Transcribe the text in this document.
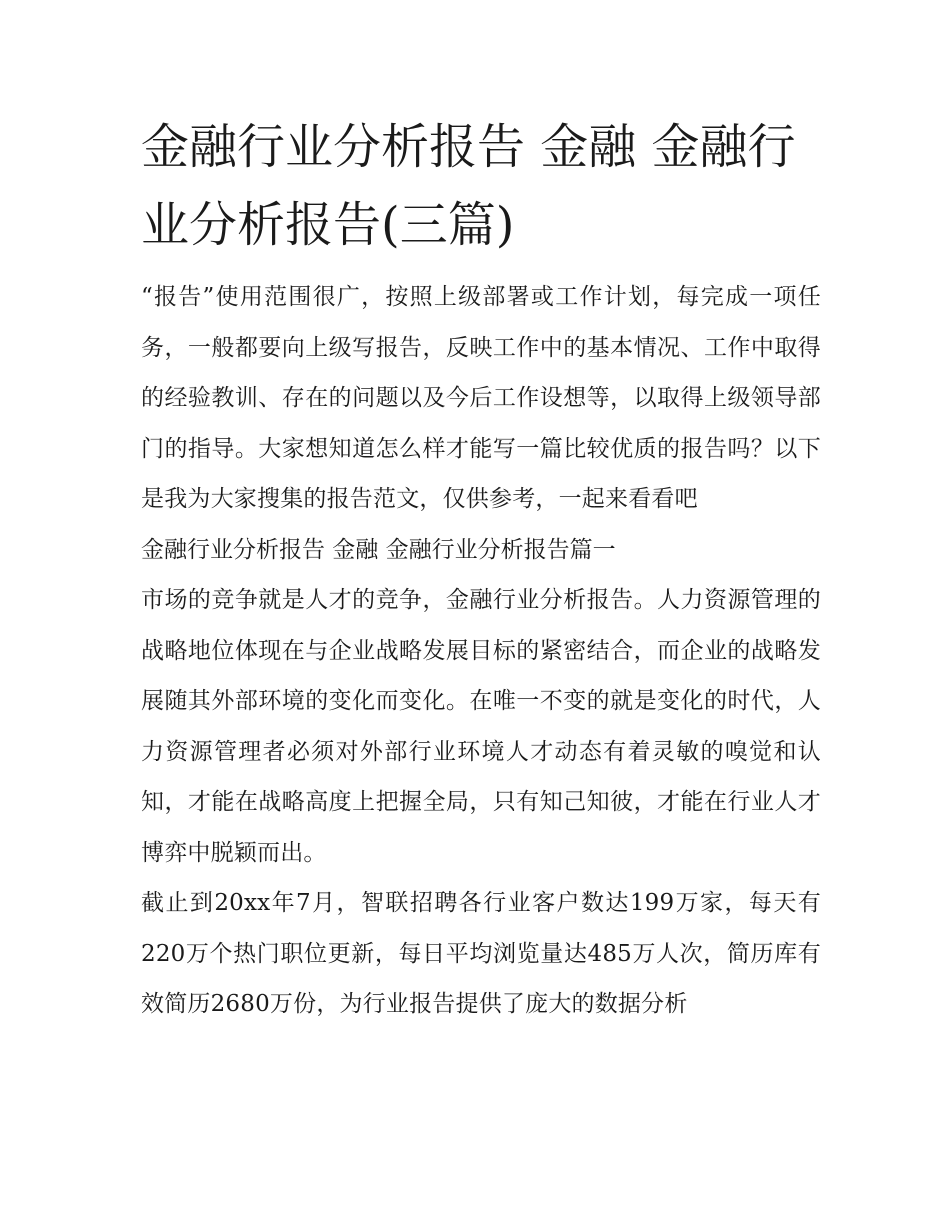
金融行业分析报告 金融 金融行业分析报告(三篇)

“报告”使用范围很广，按照上级部署或工作计划，每完成一项任务，一般都要向上级写报告，反映工作中的基本情况、工作中取得的经验教训、存在的问题以及今后工作设想等，以取得上级领导部门的指导。大家想知道怎么样才能写一篇比较优质的报告吗？以下是我为大家搜集的报告范文，仅供参考，一起来看看吧

金融行业分析报告 金融 金融行业分析报告篇一

市场的竞争就是人才的竞争，金融行业分析报告。人力资源管理的战略地位体现在与企业战略发展目标的紧密结合，而企业的战略发展随其外部环境的变化而变化。在唯一不变的就是变化的时代，人力资源管理者必须对外部行业环境人才动态有着灵敏的嗅觉和认知，才能在战略高度上把握全局，只有知己知彼，才能在行业人才博弈中脱颖而出。

截止到20xx年7月，智联招聘各行业客户数达199万家，每天有220万个热门职位更新，每日平均浏览量达485万人次，简历库有效简历2680万份，为行业报告提供了庞大的数据分析
